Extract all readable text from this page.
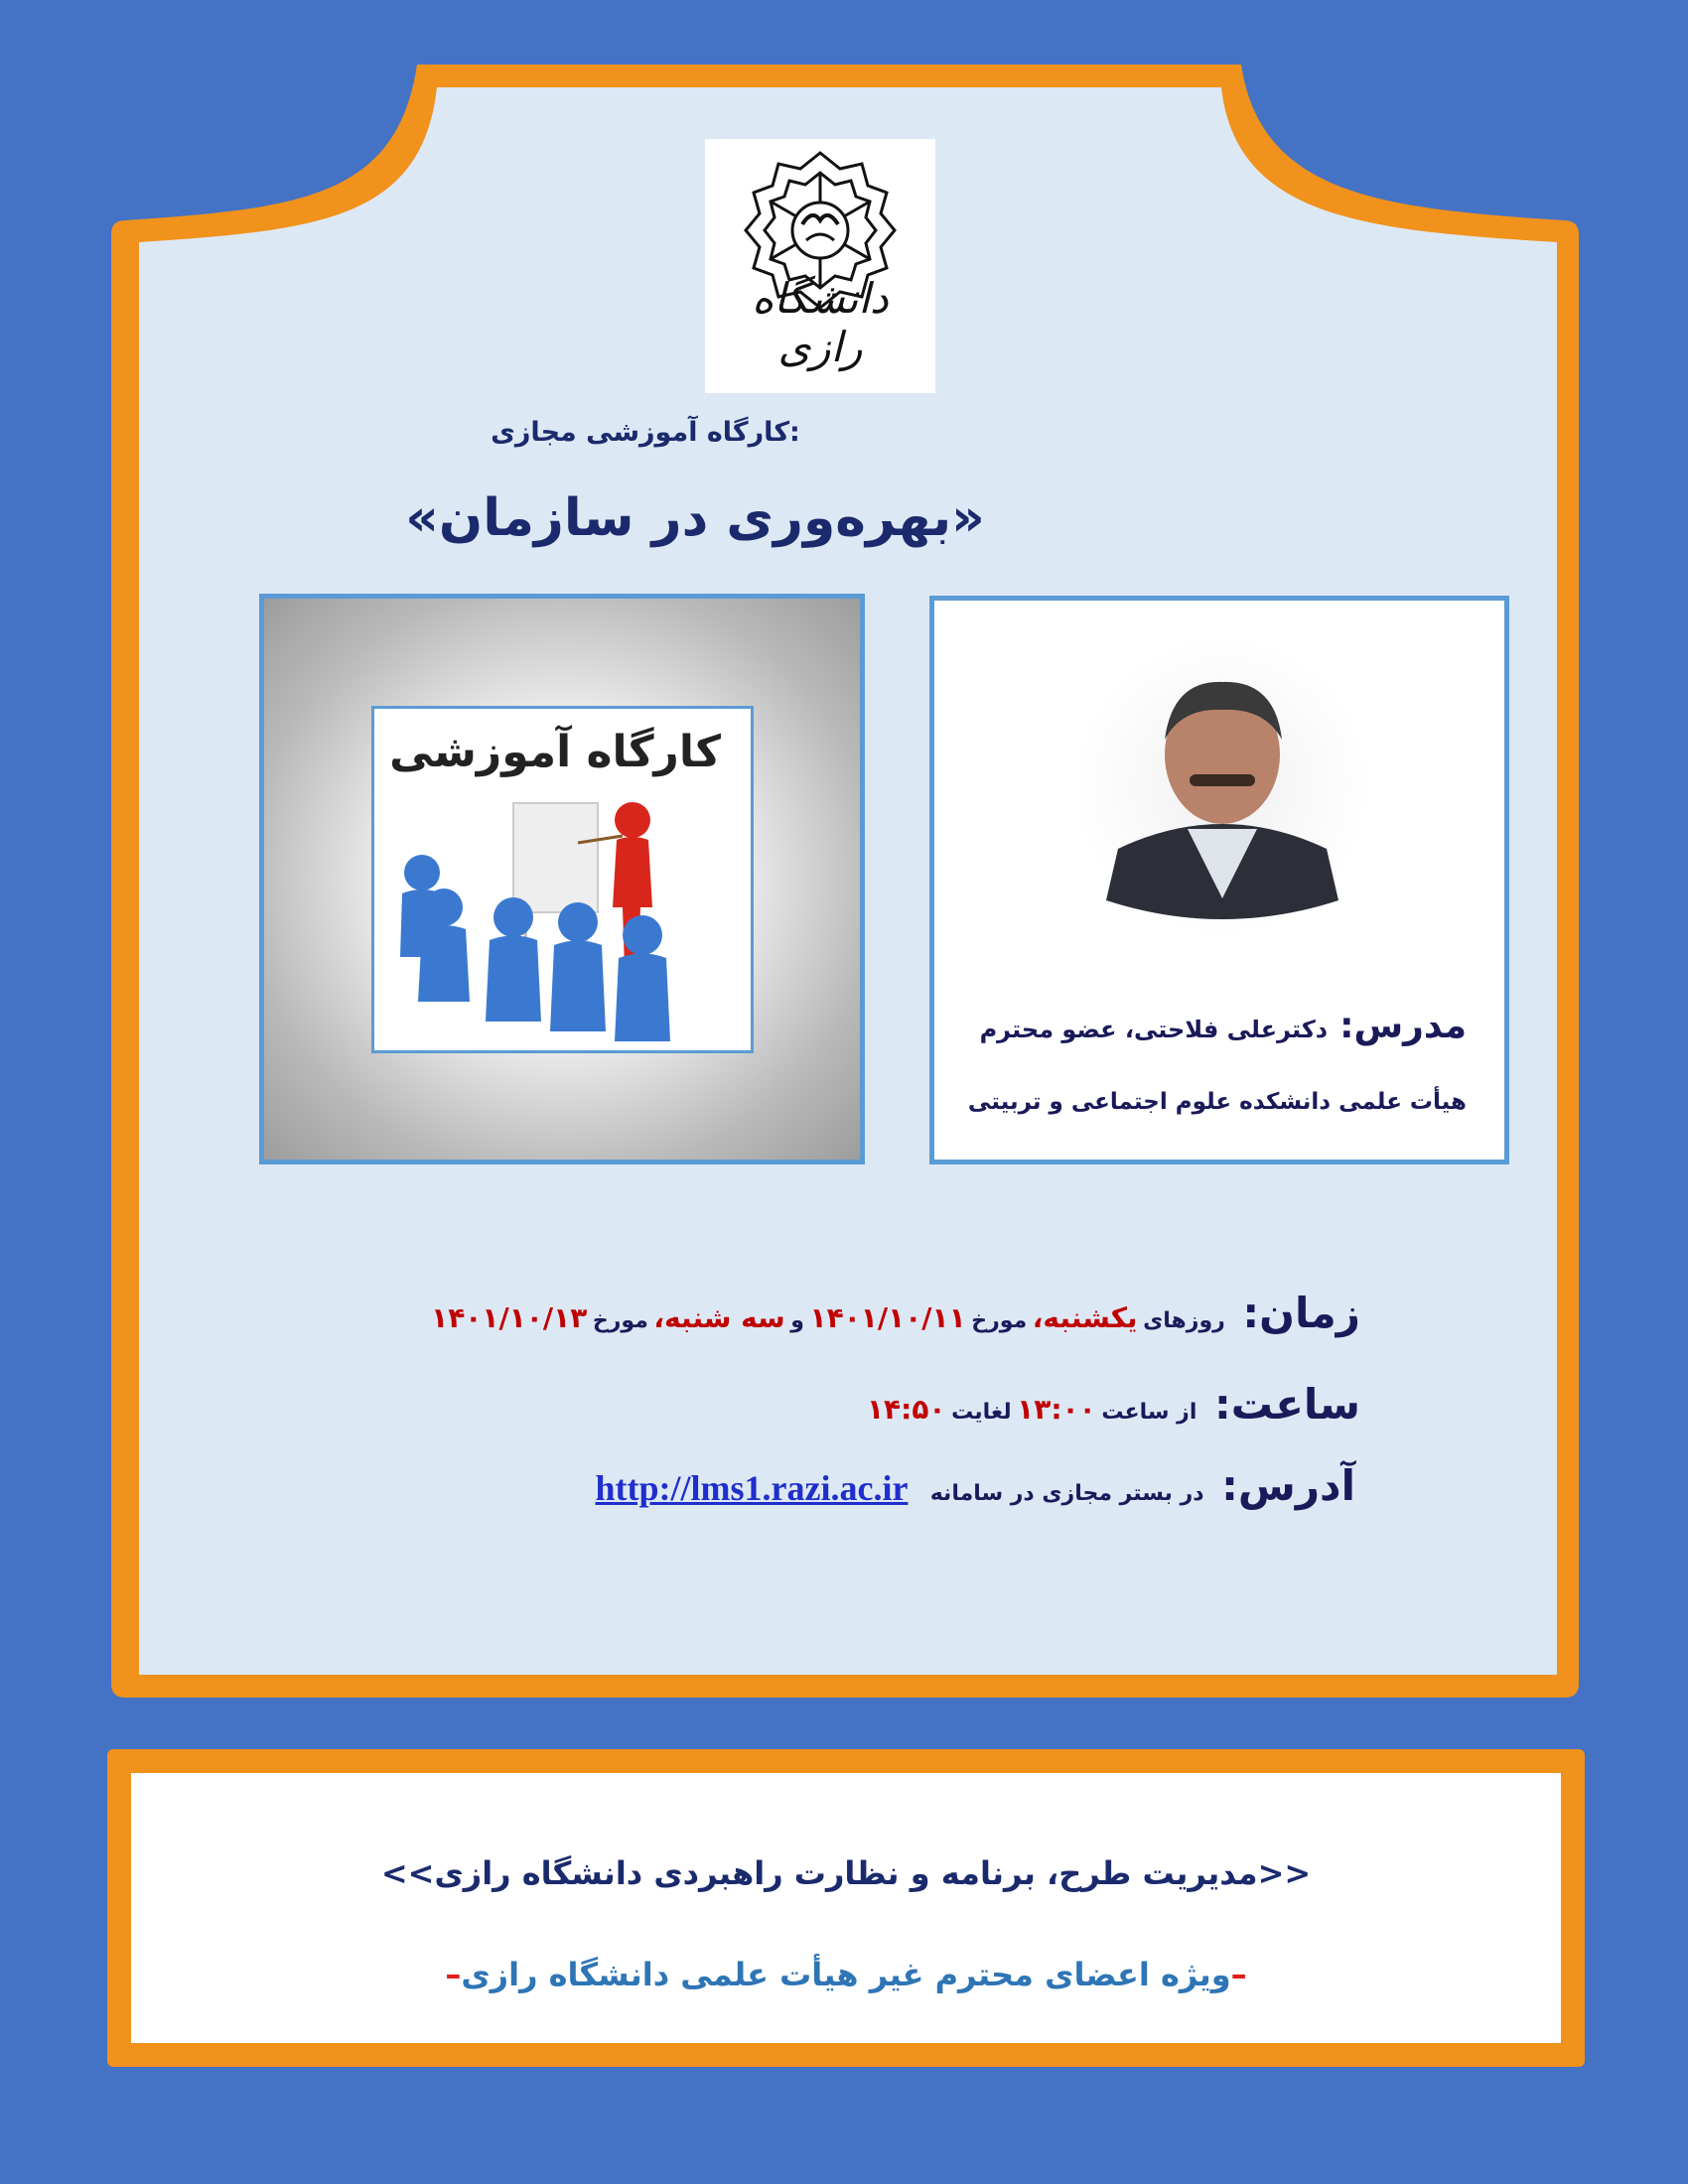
دانشگاه رازی
کارگاه آموزشی مجازی:
«بهره‌وری در سازمان»
کارگاه آموزشی
مدرس:دکترعلی فلاحتی، عضو محترم
هیأت علمی دانشکده علوم اجتماعی و تربیتی
زمان: روزهای یکشنبه، مورخ ۱۴۰۱/۱۰/۱۱ و سه شنبه، مورخ ۱۴۰۱/۱۰/۱۳
ساعت: از ساعت ۱۳:۰۰ لغایت ۱۴:۵۰
آدرس: در بستر مجازی در سامانه    http://lms1.razi.ac.ir
<<مدیریت طرح، برنامه و نظارت راهبردی دانشگاه رازی>>
–ویژه اعضای محترم غیر هیأت علمی دانشگاه رازی–
